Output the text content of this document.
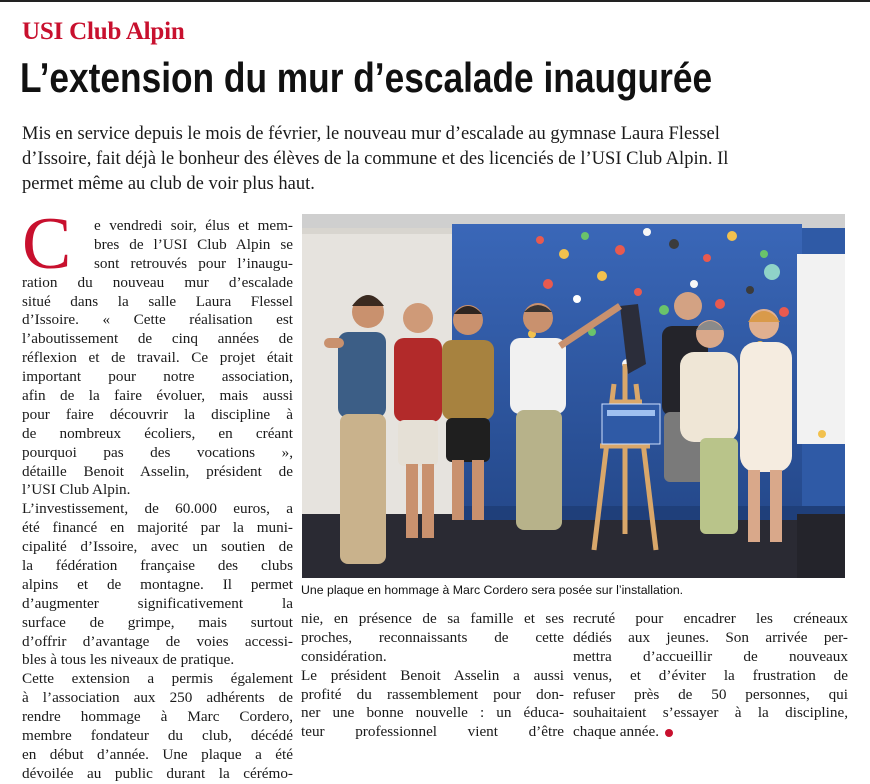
USI Club Alpin
L’extension du mur d’escalade inaugurée
Mis en service depuis le mois de février, le nouveau mur d’escalade au gymnase Laura Flessel
d’Issoire, fait déjà le bonheur des élèves de la commune et des licenciés de l’USI Club Alpin. Il
permet même au club de voir plus haut.
C	e vendredi soir, élus et mem-
bres de l’USI Club Alpin se
sont retrouvés pour l’inaugu-
ration du nouveau mur d’escalade
situé dans la salle Laura Flessel
d’Issoire. « Cette réalisation est
l’aboutissement de cinq années de
réflexion et de travail. Ce projet était
important pour notre association,
afin de la faire évoluer, mais aussi
pour faire découvrir la discipline à
de nombreux écoliers, en créant
pourquoi pas des vocations »,
détaille Benoit Asselin, président de
l’USI Club Alpin.
L’investissement, de 60.000 euros, a
été financé en majorité par la muni-
cipalité d’Issoire, avec un soutien de
la fédération française des clubs
alpins et de montagne. Il permet
d’augmenter significativement la
surface de grimpe, mais surtout
d’offrir d’avantage de voies accessi-
bles à tous les niveaux de pratique.
Cette extension a permis également
à l’association aux 250 adhérents de
rendre hommage à Marc Cordero,
membre fondateur du club, décédé
en début d’année. Une plaque a été
dévoilée au public durant la cérémo-
Une plaque en hommage à Marc Cordero sera posée sur l’installation.
nie, en présence de sa famille et ses
proches, reconnaissants de cette
considération.
Le président Benoit Asselin a aussi
profité du rassemblement pour don-
ner une bonne nouvelle : un éduca-
teur professionnel vient d’être
recruté pour encadrer les créneaux
dédiés aux jeunes. Son arrivée per-
mettra d’accueillir de nouveaux
venus, et d’éviter la frustration de
refuser près de 50 personnes, qui
souhaitaient s’essayer à la discipline,
chaque année.
